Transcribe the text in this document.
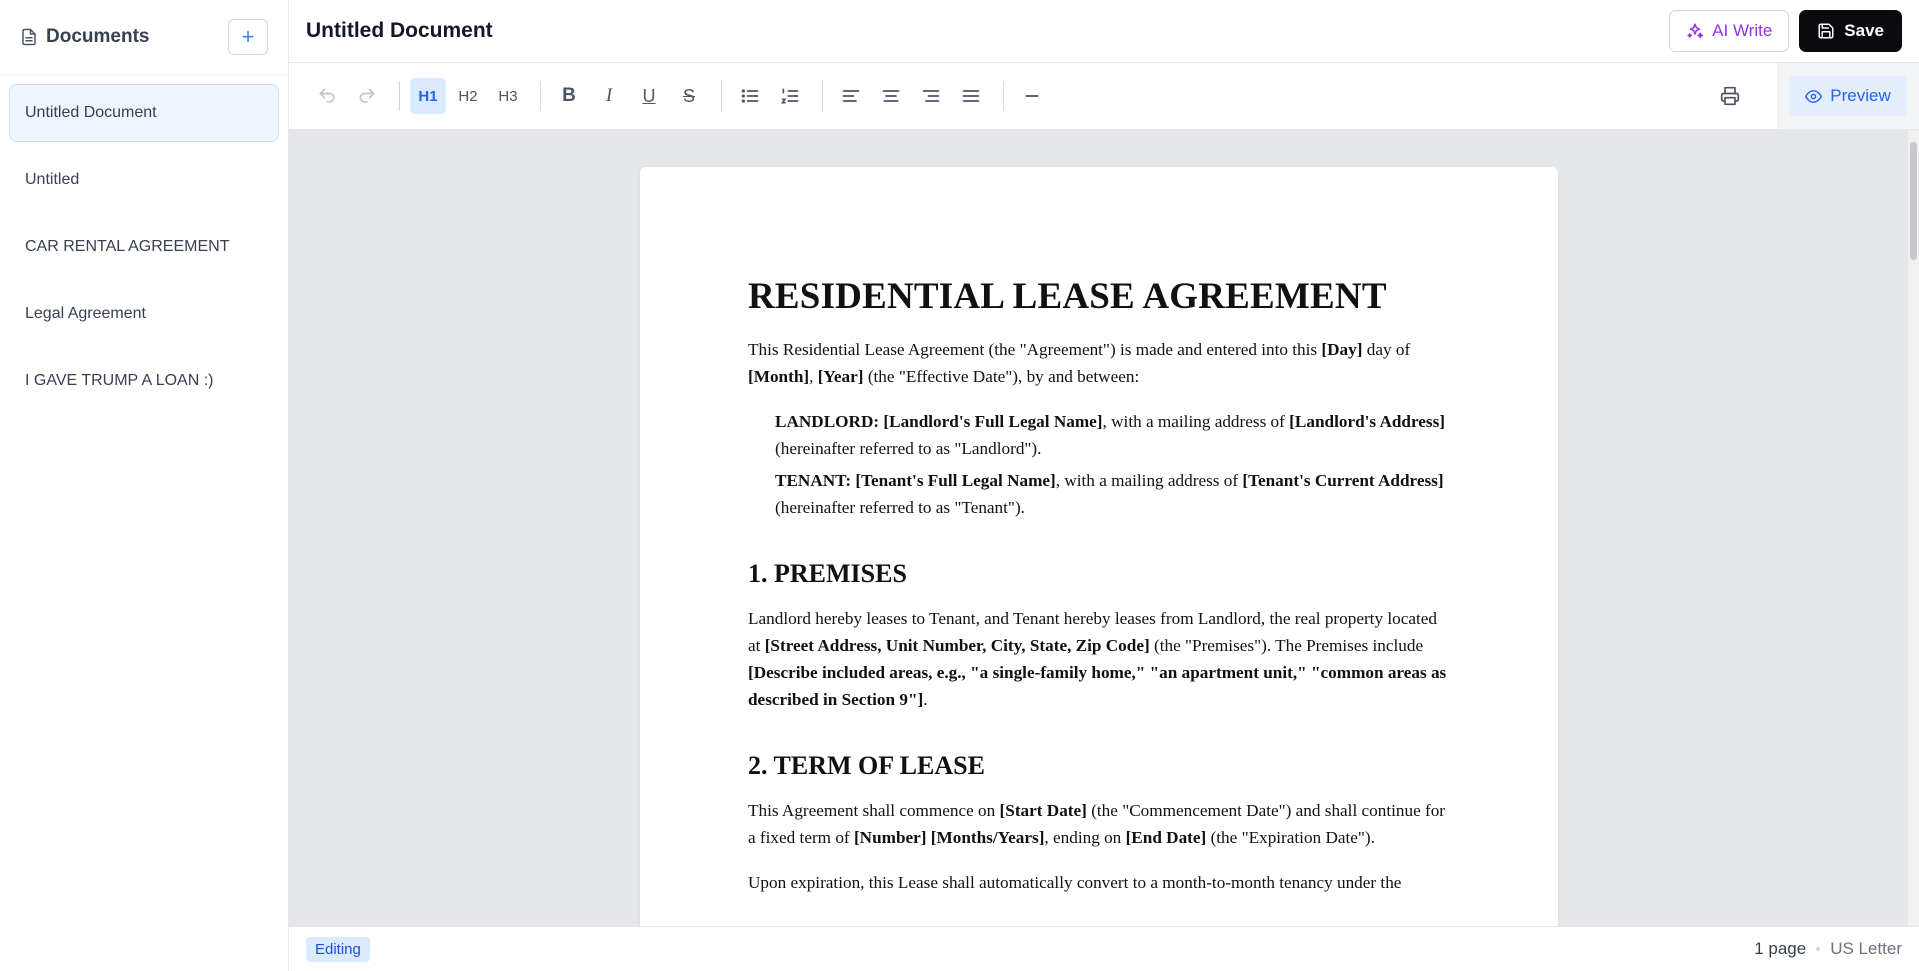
Documents	+
Untitled Document
Untitled
CAR RENTAL AGREEMENT
Legal Agreement
I GAVE TRUMP A LOAN :)
Untitled Document	AI Write	Save
H1	H2	H3	B	I	U	S	Preview
RESIDENTIAL LEASE AGREEMENT

This Residential Lease Agreement (the "Agreement") is made and entered into this [Day] day of [Month], [Year] (the "Effective Date"), by and between:

LANDLORD: [Landlord's Full Legal Name], with a mailing address of [Landlord's Address] (hereinafter referred to as "Landlord").

TENANT: [Tenant's Full Legal Name], with a mailing address of [Tenant's Current Address] (hereinafter referred to as "Tenant").

1. PREMISES

Landlord hereby leases to Tenant, and Tenant hereby leases from Landlord, the real property located at [Street Address, Unit Number, City, State, Zip Code] (the "Premises"). The Premises include [Describe included areas, e.g., "a single-family home," "an apartment unit," "common areas as described in Section 9"].

2. TERM OF LEASE

This Agreement shall commence on [Start Date] (the "Commencement Date") and shall continue for a fixed term of [Number] [Months/Years], ending on [End Date] (the "Expiration Date").

Upon expiration, this Lease shall automatically convert to a month-to-month tenancy under the

Editing	1 page US Letter
